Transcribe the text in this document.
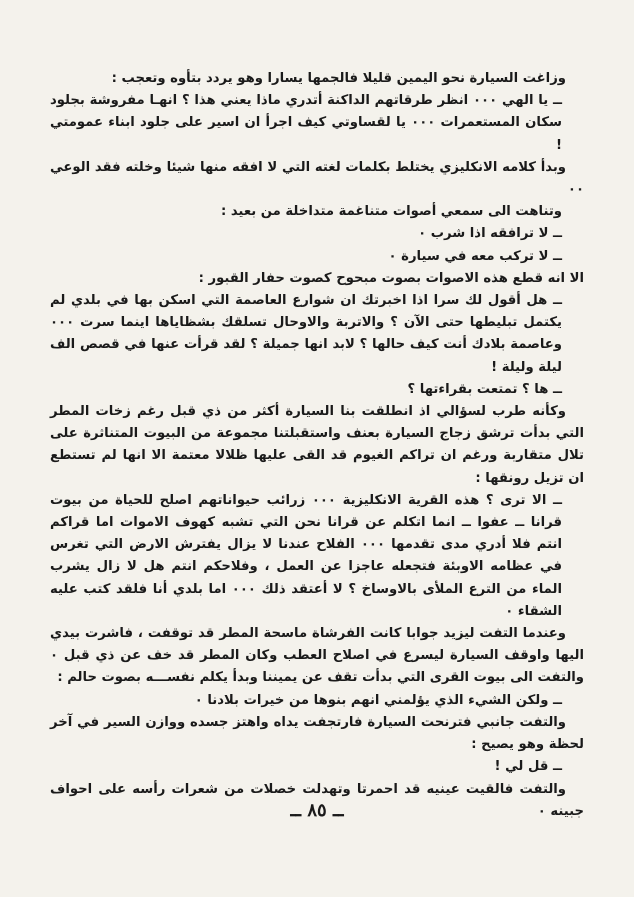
وزاغت السيارة نحو اليمين قليلا فالجمها يسارا وهو يردد بتأوه وتعجب :

ــ يا الهي ٠٠٠ انظر طرقاتهم الداكنة أتدري ماذا يعني هذا ؟ انهـا مفروشة بجلود سكان المستعمرات ٠٠٠ يا لقساوتي كيف اجرأ ان اسير على جلود ابناء عمومتي !

وبدأ كلامه الانكليزي يختلط بكلمات لغته التي لا افقه منها شيئا وخلته فقد الوعي ٠٠

وتناهت الى سمعي أصوات متناغمة متداخلة من بعيد :

ــ لا ترافقه اذا شرب ٠

ــ لا تركب معه في سيارة ٠

الا انه قطع هذه الاصوات بصوت مبحوح كصوت حفار القبور :

ــ هل أقول لك سرا اذا اخبرتك ان شوارع العاصمة التي اسكن بها في بلدي لم يكتمل تبليطها حتى الآن ؟ والاتربة والاوحال تسلقك بشظاياها اينما سرت ٠٠٠ وعاصمة بلادك أنت كيف حالها ؟ لابد انها جميلة ؟ لقد قرأت عنها في قصص الف ليلة وليلة !

ــ ها ؟ تمتعت بقراءتها ؟

وكأنه طرب لسؤالي اذ انطلقت بنا السيارة أكثر من ذي قبل رغم زخات المطر التي بدأت ترشق زجاج السيارة بعنف واستقبلتنا مجموعة من البيوت المتناثرة على تلال متقاربة ورغم ان تراكم الغيوم قد القى عليها ظلالا معتمة الا انها لم تستطع ان تزيل رونقها :

ــ الا ترى ؟ هذه القرية الانكليزية ٠٠٠ زرائب حيواناتهم اصلح للحياة من بيوت قرانا ــ عفوا ــ انما اتكلم عن قرانا نحن التي تشبه كهوف الاموات اما قراكم انتم فلا أدري مدى تقدمها ٠٠٠ الفلاح عندنا لا يزال يفترش الارض التي تغرس في عظامه الاوبئة فتجعله عاجزا عن العمل ، وفلاحكم انتم هل لا زال يشرب الماء من الترع الملأى بالاوساخ ؟ لا أعتقد ذلك ٠٠٠ اما بلدي أنا فلقد كتب عليه الشقاء ٠

وعندما التفت ليزيد جوابا كانت الفرشاة ماسحة المطر قد توقفت ، فاشرت بيدي اليها واوقف السيارة ليسرع في اصلاح العطب وكان المطر قد خف عن ذي قبل ٠ والتفت الى بيوت القرى التي بدأت تقف عن يميننا وبدأ يكلم نفســـه بصوت حالم :

ــ ولكن الشيء الذي يؤلمني انهم بنوها من خيرات بلادنا ٠

والتفت جانبي فترنحت السيارة فارتجفت يداه واهتز جسده ووازن السير في آخر لحظة وهو يصيح :

ــ قل لي !

والتفت فالقيت عينيه قد احمرتا وتهدلت خصلات من شعرات رأسه على احواف جبينه ٠

ــ ٨٥ ــ
